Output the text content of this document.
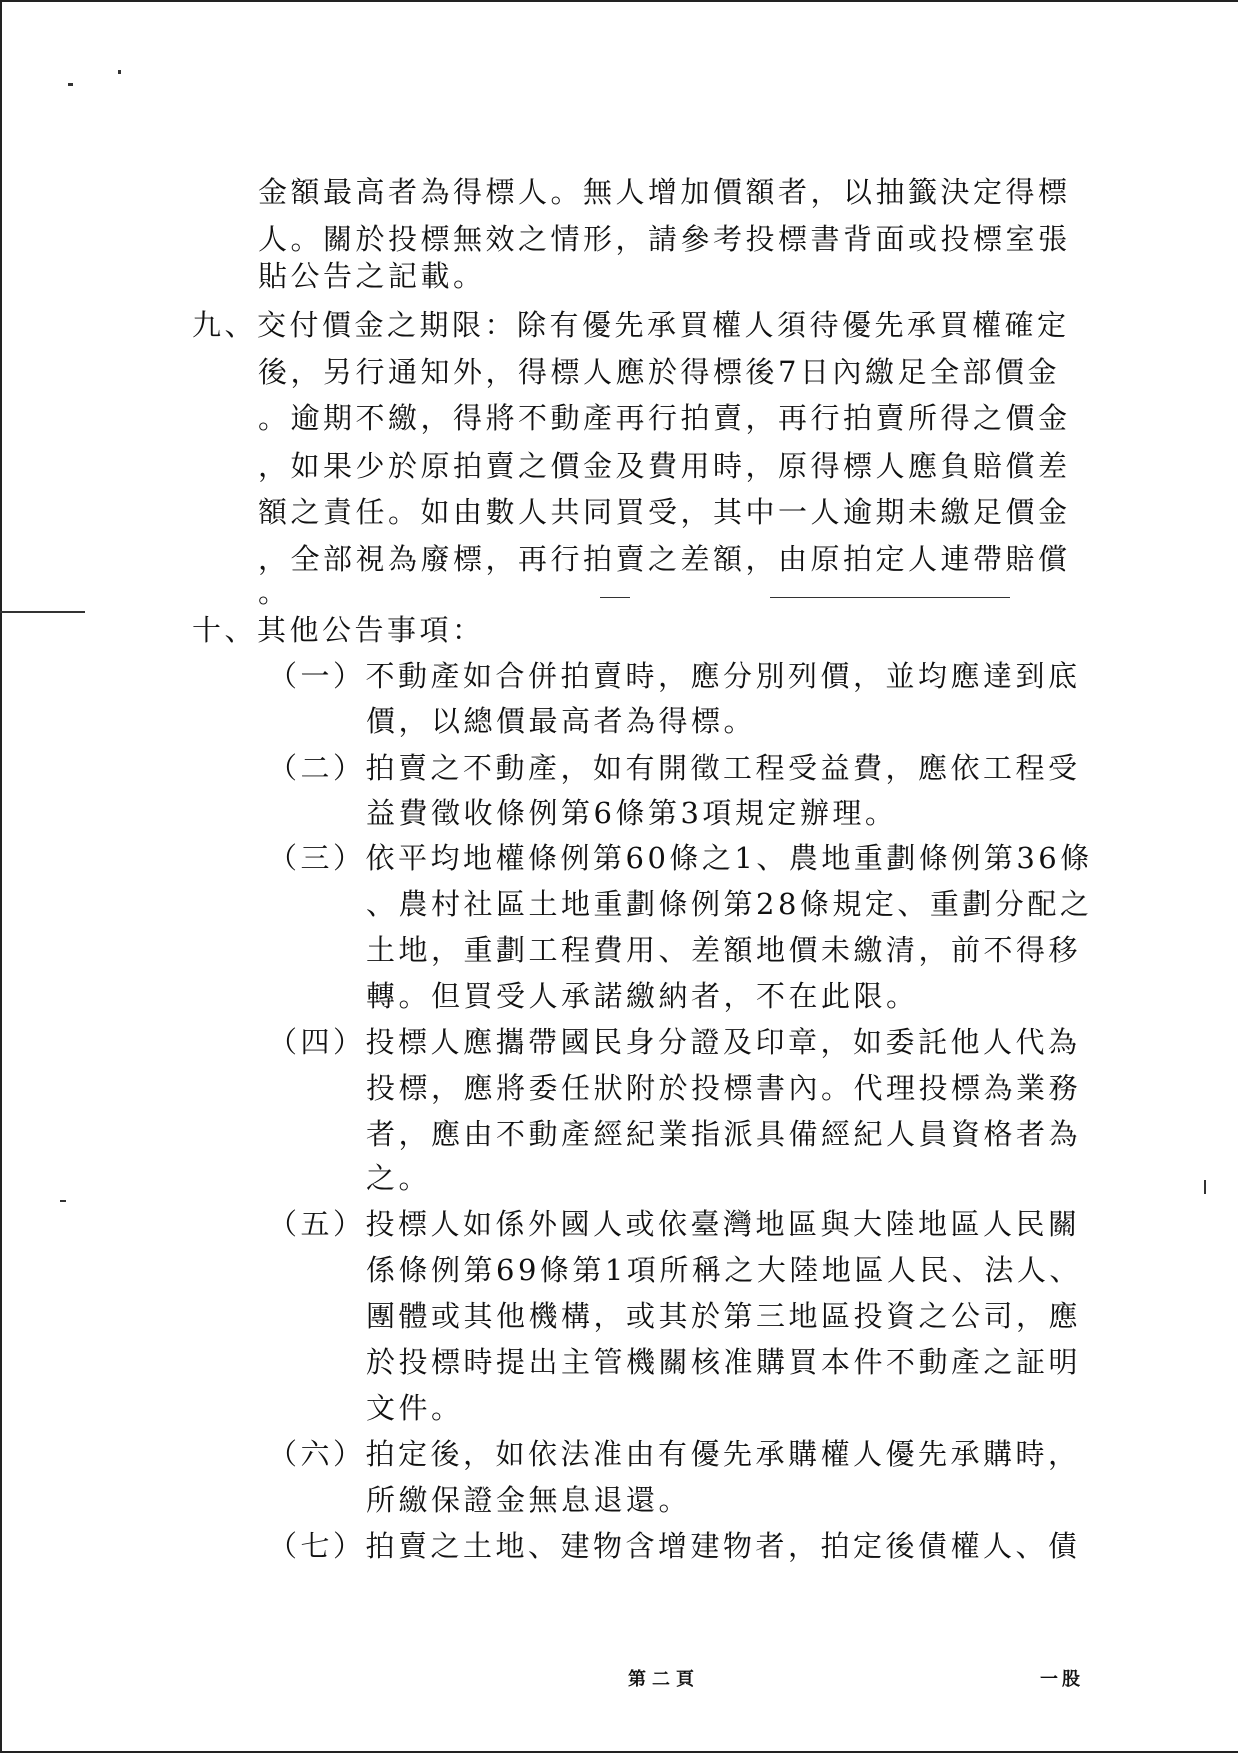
金額最高者為得標人。無人增加價額者，以抽籤決定得標
人。關於投標無效之情形，請參考投標書背面或投標室張
貼公告之記載。
九、交付價金之期限：除有優先承買權人須待優先承買權確定
後，另行通知外，得標人應於得標後7日內繳足全部價金
。逾期不繳，得將不動產再行拍賣，再行拍賣所得之價金
，如果少於原拍賣之價金及費用時，原得標人應負賠償差
額之責任。如由數人共同買受，其中一人逾期未繳足價金
，全部視為廢標，再行拍賣之差額，由原拍定人連帶賠償
。
十、其他公告事項：
（一）不動產如合併拍賣時，應分別列價，並均應達到底
價，以總價最高者為得標。
（二）拍賣之不動產，如有開徵工程受益費，應依工程受
益費徵收條例第6條第3項規定辦理。
（三）依平均地權條例第60條之1、農地重劃條例第36條
、農村社區土地重劃條例第28條規定、重劃分配之
土地，重劃工程費用、差額地價未繳清，前不得移
轉。但買受人承諾繳納者，不在此限。
（四）投標人應攜帶國民身分證及印章，如委託他人代為
投標，應將委任狀附於投標書內。代理投標為業務
者，應由不動產經紀業指派具備經紀人員資格者為
之。
（五）投標人如係外國人或依臺灣地區與大陸地區人民關
係條例第69條第1項所稱之大陸地區人民、法人、
團體或其他機構，或其於第三地區投資之公司，應
於投標時提出主管機關核准購買本件不動產之証明
文件。
（六）拍定後，如依法准由有優先承購權人優先承購時，
所繳保證金無息退還。
（七）拍賣之土地、建物含增建物者，拍定後債權人、債
第二頁	一股
